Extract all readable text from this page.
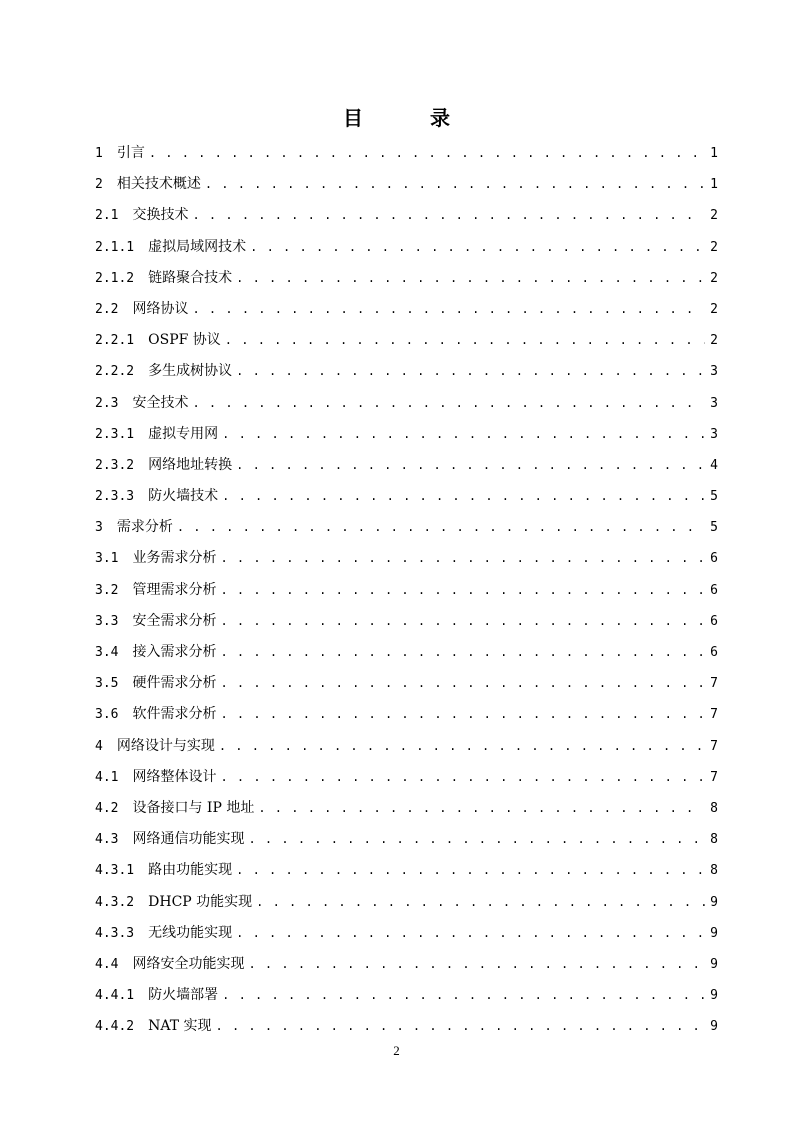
目 录
1 引言 . . .	1
2 相关技术概述 . . .	1
2.1 交换技术 . . .	2
2.1.1 虚拟局域网技术 . . .	2
2.1.2 链路聚合技术 . . .	2
2.2 网络协议 . . .	2
2.2.1 OSPF 协议 . . .	2
2.2.2 多生成树协议 . . .	3
2.3 安全技术 . . .	3
2.3.1 虚拟专用网 . . .	3
2.3.2 网络地址转换 . . .	4
2.3.3 防火墙技术 . . .	5
3 需求分析 . . .	5
3.1 业务需求分析 . . .	6
3.2 管理需求分析 . . .	6
3.3 安全需求分析 . . .	6
3.4 接入需求分析 . . .	6
3.5 硬件需求分析 . . .	7
3.6 软件需求分析 . . .	7
4 网络设计与实现 . . .	7
4.1 网络整体设计 . . .	7
4.2 设备接口与 IP 地址 . . .	8
4.3 网络通信功能实现 . . .	8
4.3.1 路由功能实现 . . .	8
4.3.2 DHCP 功能实现 . . .	9
4.3.3 无线功能实现 . . .	9
4.4 网络安全功能实现 . . .	9
4.4.1 防火墙部署 . . .	9
4.4.2 NAT 实现 . . .	9
2
